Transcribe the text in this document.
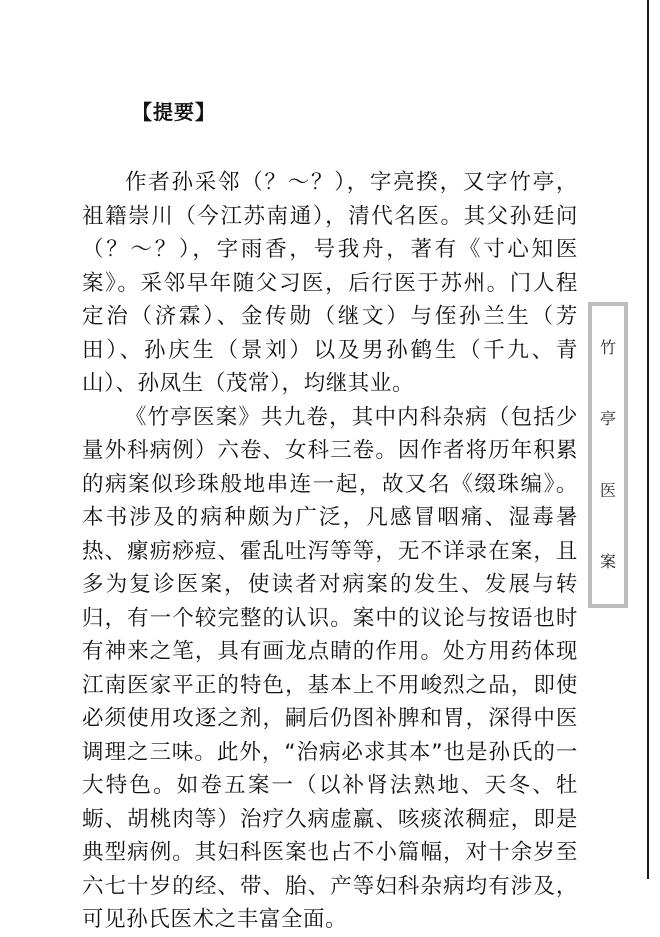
【提要】

作者孙采邻（？～？），字亮揆，又字竹亭，祖籍崇川（今江苏南通），清代名医。其父孙廷问（？～？），字雨香，号我舟，著有《寸心知医案》。采邻早年随父习医，后行医于苏州。门人程定治（济霖）、金传勋（继文）与侄孙兰生（芳田）、孙庆生（景刘）以及男孙鹤生（千九、青山）、孙凤生（茂常），均继其业。

《竹亭医案》共九卷，其中内科杂病（包括少量外科病例）六卷、女科三卷。因作者将历年积累的病案似珍珠般地串连一起，故又名《缀珠编》。本书涉及的病种颇为广泛，凡感冒咽痛、湿毒暑热、瘰疬痧痘、霍乱吐泻等等，无不详录在案，且多为复诊医案，使读者对病案的发生、发展与转归，有一个较完整的认识。案中的议论与按语也时有神来之笔，具有画龙点睛的作用。处方用药体现江南医家平正的特色，基本上不用峻烈之品，即使必须使用攻逐之剂，嗣后仍图补脾和胃，深得中医调理之三味。此外，“治病必求其本”也是孙氏的一大特色。如卷五案一（以补肾法熟地、天冬、牡蛎、胡桃肉等）治疗久病虚羸、咳痰浓稠症，即是典型病例。其妇科医案也占不小篇幅，对十余岁至六七十岁的经、带、胎、产等妇科杂病均有涉及，可见孙氏医术之丰富全面。

竹
亭
医
案
